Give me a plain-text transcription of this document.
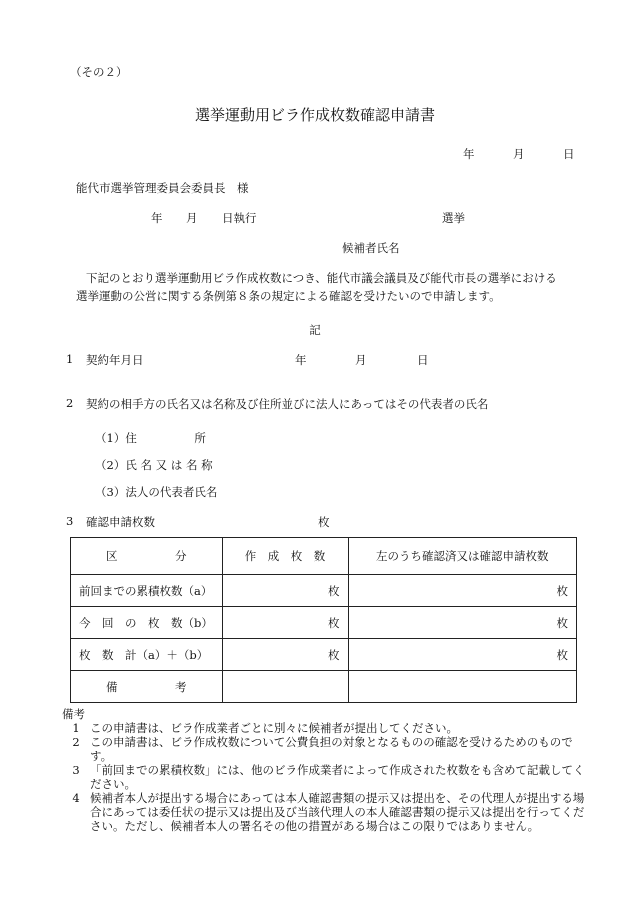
（その２）
選挙運動用ビラ作成枚数確認申請書
年	月	日
能代市選挙管理委員会委員長　様
年 月 日執行	選挙
候補者氏名
下記のとおり選挙運動用ビラ作成枚数につき、能代市議会議員及び能代市長の選挙における
選挙運動の公営に関する条例第８条の規定による確認を受けたいので申請します。
記
1 契約年月日	年	月	日
2 契約の相手方の氏名又は名称及び住所並びに法人にあってはその代表者の氏名
（1）住　　　　　所
（2）氏 名 又 は 名 称
（3）法人の代表者氏名
3 確認申請枚数	枚
区　　　　　分	作　成　枚　数	左のうち確認済又は確認申請枚数
前回までの累積枚数（a）	枚	枚
今　回　の　枚　数（b）	枚	枚
枚　数　計（a）＋（b）	枚	枚
備　　　　　考		
備考
1 この申請書は、ビラ作成業者ごとに別々に候補者が提出してください。
2 この申請書は、ビラ作成枚数について公費負担の対象となるものの確認を受けるためのものです。
3 「前回までの累積枚数」には、他のビラ作成業者によって作成された枚数をも含めて記載してください。
4 候補者本人が提出する場合にあっては本人確認書類の提示又は提出を、その代理人が提出する場合にあっては委任状の提示又は提出及び当該代理人の本人確認書類の提示又は提出を行ってください。ただし、候補者本人の署名その他の措置がある場合はこの限りではありません。
